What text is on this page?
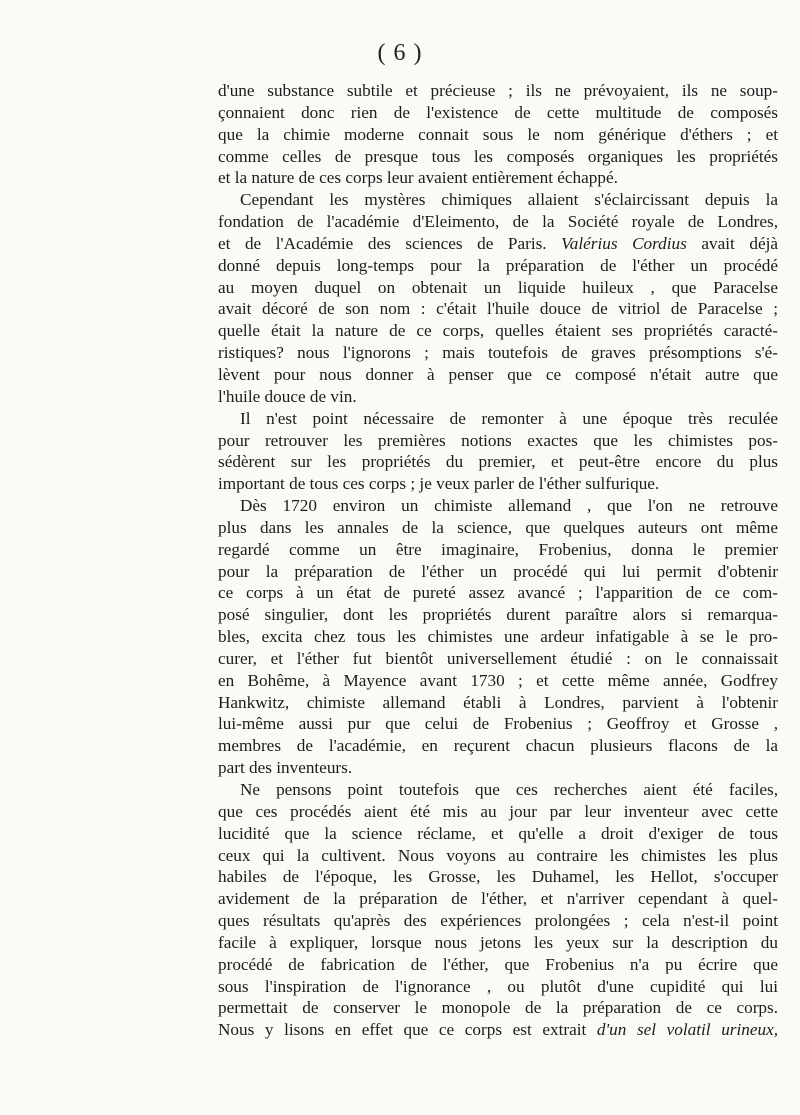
( 6 )
d'une substance subtile et précieuse ; ils ne prévoyaient, ils ne soup-
çonnaient donc rien de l'existence de cette multitude de composés
que la chimie moderne connait sous le nom générique d'éthers ; et
comme celles de presque tous les composés organiques les propriétés
et la nature de ces corps leur avaient entièrement échappé.
Cependant les mystères chimiques allaient s'éclaircissant depuis la
fondation de l'académie d'Eleimento, de la Société royale de Londres,
et de l'Académie des sciences de Paris. Valérius Cordius avait déjà
donné depuis long-temps pour la préparation de l'éther un procédé
au moyen duquel on obtenait un liquide huileux , que Paracelse
avait décoré de son nom : c'était l'huile douce de vitriol de Paracelse ;
quelle était la nature de ce corps, quelles étaient ses propriétés caracté-
ristiques? nous l'ignorons ; mais toutefois de graves présomptions s'é-
lèvent pour nous donner à penser que ce composé n'était autre que
l'huile douce de vin.
Il n'est point nécessaire de remonter à une époque très reculée
pour retrouver les premières notions exactes que les chimistes pos-
sédèrent sur les propriétés du premier, et peut-être encore du plus
important de tous ces corps ; je veux parler de l'éther sulfurique.
Dès 1720 environ un chimiste allemand , que l'on ne retrouve
plus dans les annales de la science, que quelques auteurs ont même
regardé comme un être imaginaire, Frobenius, donna le premier
pour la préparation de l'éther un procédé qui lui permit d'obtenir
ce corps à un état de pureté assez avancé ; l'apparition de ce com-
posé singulier, dont les propriétés durent paraître alors si remarqua-
bles, excita chez tous les chimistes une ardeur infatigable à se le pro-
curer, et l'éther fut bientôt universellement étudié : on le connaissait
en Bohême, à Mayence avant 1730 ; et cette même année, Godfrey
Hankwitz, chimiste allemand établi à Londres, parvient à l'obtenir
lui-même aussi pur que celui de Frobenius ; Geoffroy et Grosse ,
membres de l'académie, en reçurent chacun plusieurs flacons de la
part des inventeurs.
Ne pensons point toutefois que ces recherches aient été faciles,
que ces procédés aient été mis au jour par leur inventeur avec cette
lucidité que la science réclame, et qu'elle a droit d'exiger de tous
ceux qui la cultivent. Nous voyons au contraire les chimistes les plus
habiles de l'époque, les Grosse, les Duhamel, les Hellot, s'occuper
avidement de la préparation de l'éther, et n'arriver cependant à quel-
ques résultats qu'après des expériences prolongées ; cela n'est-il point
facile à expliquer, lorsque nous jetons les yeux sur la description du
procédé de fabrication de l'éther, que Frobenius n'a pu écrire que
sous l'inspiration de l'ignorance , ou plutôt d'une cupidité qui lui
permettait de conserver le monopole de la préparation de ce corps.
Nous y lisons en effet que ce corps est extrait d'un sel volatil urineux,
